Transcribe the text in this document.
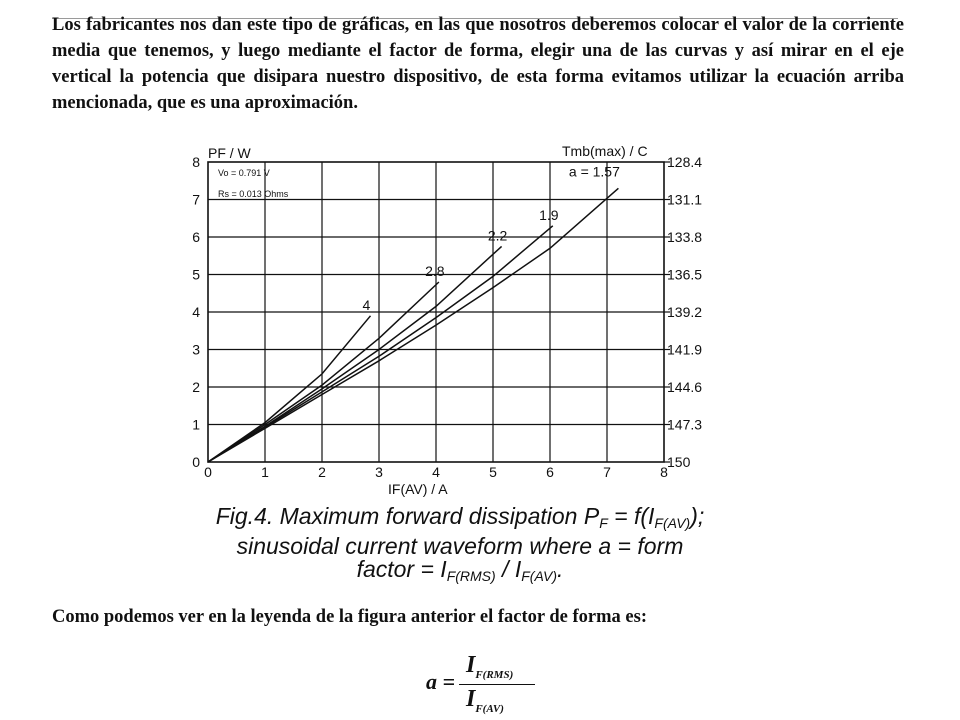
Los fabricantes nos dan este tipo de gráficas, en las que nosotros deberemos colocar el valor de la corriente media que tenemos, y luego mediante el factor de forma, elegir una de las curvas y así mirar en el eje vertical la potencia que disipara nuestro dispositivo, de esta forma evitamos utilizar la ecuación arriba mencionada, que es una aproximación.

0	1	2	3	4	5	6	7	8
0
1
2
3
4
5
6
7
8
150
147.3
144.6
141.9
139.2
136.5
133.8
131.1
128.4
4
2.8
2.2
1.9
a = 1.57
PF / W	Tmb(max) / C
IF(AV) / A
Vo = 0.791 V
Rs = 0.013 Ohms
Fig.4. Maximum forward dissipation $P_F = f(I_{F(AV)})$;
sinusoidal current waveform where a = form
factor = $I_{F(RMS)} / I_{F(AV)}$.

Como podemos ver en la leyenda de la figura anterior el factor de forma es:

a =
$I_{F(RMS)}$
$I_{F(AV)}$
